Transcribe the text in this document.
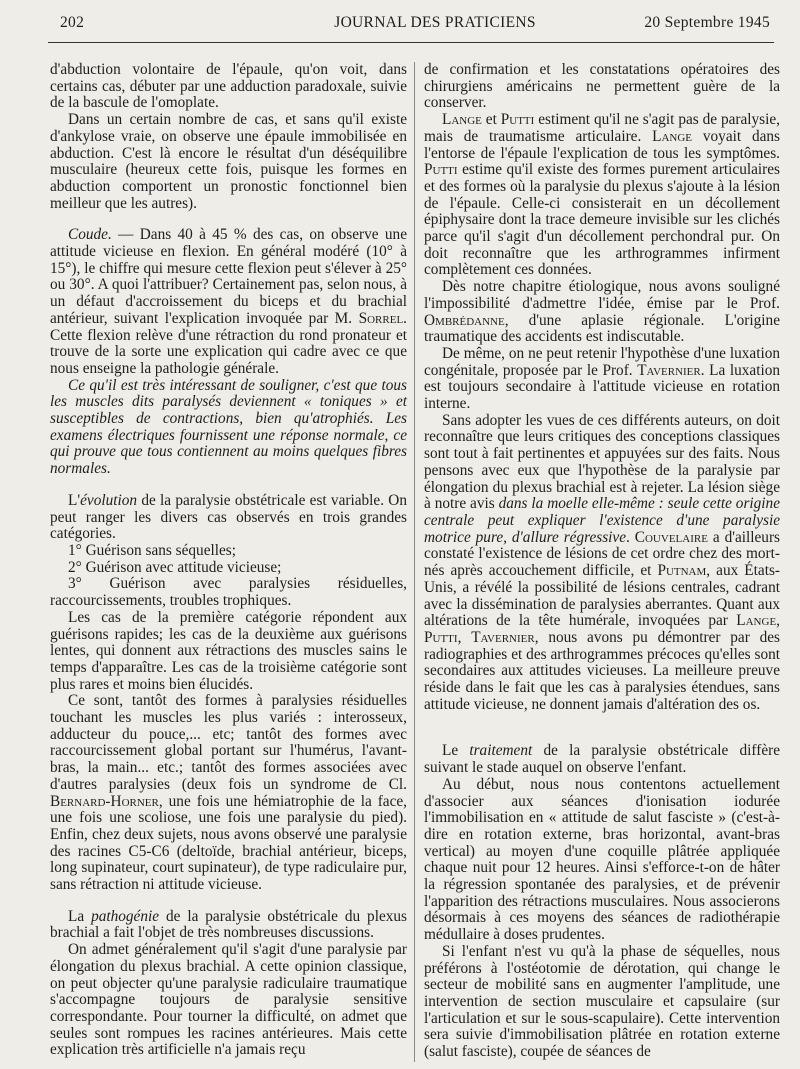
202	JOURNAL DES PRATICIENS	20 Septembre 1945

d'abduction volontaire de l'épaule, qu'on voit, dans certains cas, débuter par une adduction paradoxale, suivie de la bascule de l'omoplate.

Dans un certain nombre de cas, et sans qu'il existe d'ankylose vraie, on observe une épaule immobilisée en abduction. C'est là encore le résultat d'un déséquilibre musculaire (heureux cette fois, puisque les formes en abduction comportent un pronostic fonctionnel bien meilleur que les autres).

Coude. — Dans 40 à 45 % des cas, on observe une attitude vicieuse en flexion. En général modéré (10° à 15°), le chiffre qui mesure cette flexion peut s'élever à 25° ou 30°. A quoi l'attribuer? Certainement pas, selon nous, à un défaut d'accroissement du biceps et du brachial antérieur, suivant l'explication invoquée par M. Sorrel. Cette flexion relève d'une rétraction du rond pronateur et trouve de la sorte une explication qui cadre avec ce que nous enseigne la pathologie générale.

Ce qu'il est très intéressant de souligner, c'est que tous les muscles dits paralysés deviennent « toniques » et susceptibles de contractions, bien qu'atrophiés. Les examens électriques fournissent une réponse normale, ce qui prouve que tous contiennent au moins quelques fibres normales.

L'évolution de la paralysie obstétricale est variable. On peut ranger les divers cas observés en trois grandes catégories.

1° Guérison sans séquelles;

2° Guérison avec attitude vicieuse;

3° Guérison avec paralysies résiduelles, raccourcissements, troubles trophiques.

Les cas de la première catégorie répondent aux guérisons rapides; les cas de la deuxième aux guérisons lentes, qui donnent aux rétractions des muscles sains le temps d'apparaître. Les cas de la troisième catégorie sont plus rares et moins bien élucidés.

Ce sont, tantôt des formes à paralysies résiduelles touchant les muscles les plus variés : interosseux, adducteur du pouce,... etc; tantôt des formes avec raccourcissement global portant sur l'humérus, l'avant-bras, la main... etc.; tantôt des formes associées avec d'autres paralysies (deux fois un syndrome de Cl. Bernard-Horner, une fois une hémiatrophie de la face, une fois une scoliose, une fois une paralysie du pied). Enfin, chez deux sujets, nous avons observé une paralysie des racines C5-C6 (deltoïde, brachial antérieur, biceps, long supinateur, court supinateur), de type radiculaire pur, sans rétraction ni attitude vicieuse.

La pathogénie de la paralysie obstétricale du plexus brachial a fait l'objet de très nombreuses discussions.

On admet généralement qu'il s'agit d'une paralysie par élongation du plexus brachial. A cette opinion classique, on peut objecter qu'une paralysie radiculaire traumatique s'accompagne toujours de paralysie sensitive correspondante. Pour tourner la difficulté, on admet que seules sont rompues les racines antérieures. Mais cette explication très artificielle n'a jamais reçu

de confirmation et les constatations opératoires des chirurgiens américains ne permettent guère de la conserver.

Lange et Putti estiment qu'il ne s'agit pas de paralysie, mais de traumatisme articulaire. Lange voyait dans l'entorse de l'épaule l'explication de tous les symptômes. Putti estime qu'il existe des formes purement articulaires et des formes où la paralysie du plexus s'ajoute à la lésion de l'épaule. Celle-ci consisterait en un décollement épiphysaire dont la trace demeure invisible sur les clichés parce qu'il s'agit d'un décollement perchondral pur. On doit reconnaître que les arthrogrammes infirment complètement ces données.

Dès notre chapitre étiologique, nous avons souligné l'impossibilité d'admettre l'idée, émise par le Prof. Ombrédanne, d'une aplasie régionale. L'origine traumatique des accidents est indiscutable.

De même, on ne peut retenir l'hypothèse d'une luxation congénitale, proposée par le Prof. Tavernier. La luxation est toujours secondaire à l'attitude vicieuse en rotation interne.

Sans adopter les vues de ces différents auteurs, on doit reconnaître que leurs critiques des conceptions classiques sont tout à fait pertinentes et appuyées sur des faits. Nous pensons avec eux que l'hypothèse de la paralysie par élongation du plexus brachial est à rejeter. La lésion siège à notre avis dans la moelle elle-même : seule cette origine centrale peut expliquer l'existence d'une paralysie motrice pure, d'allure régressive. Couvelaire a d'ailleurs constaté l'existence de lésions de cet ordre chez des mort-nés après accouchement difficile, et Putnam, aux États-Unis, a révélé la possibilité de lésions centrales, cadrant avec la dissémination de paralysies aberrantes. Quant aux altérations de la tête humérale, invoquées par Lange, Putti, Tavernier, nous avons pu démontrer par des radiographies et des arthrogrammes précoces qu'elles sont secondaires aux attitudes vicieuses. La meilleure preuve réside dans le fait que les cas à paralysies étendues, sans attitude vicieuse, ne donnent jamais d'altération des os.

Le traitement de la paralysie obstétricale diffère suivant le stade auquel on observe l'enfant.

Au début, nous nous contentons actuellement d'associer aux séances d'ionisation iodurée l'immobilisation en « attitude de salut fasciste » (c'est-à-dire en rotation externe, bras horizontal, avant-bras vertical) au moyen d'une coquille plâtrée appliquée chaque nuit pour 12 heures. Ainsi s'efforce-t-on de hâter la régression spontanée des paralysies, et de prévenir l'apparition des rétractions musculaires. Nous associerons désormais à ces moyens des séances de radiothérapie médullaire à doses prudentes.

Si l'enfant n'est vu qu'à la phase de séquelles, nous préférons à l'ostéotomie de dérotation, qui change le secteur de mobilité sans en augmenter l'amplitude, une intervention de section musculaire et capsulaire (sur l'articulation et sur le sous-scapulaire). Cette intervention sera suivie d'immobilisation plâtrée en rotation externe (salut fasciste), coupée de séances de
